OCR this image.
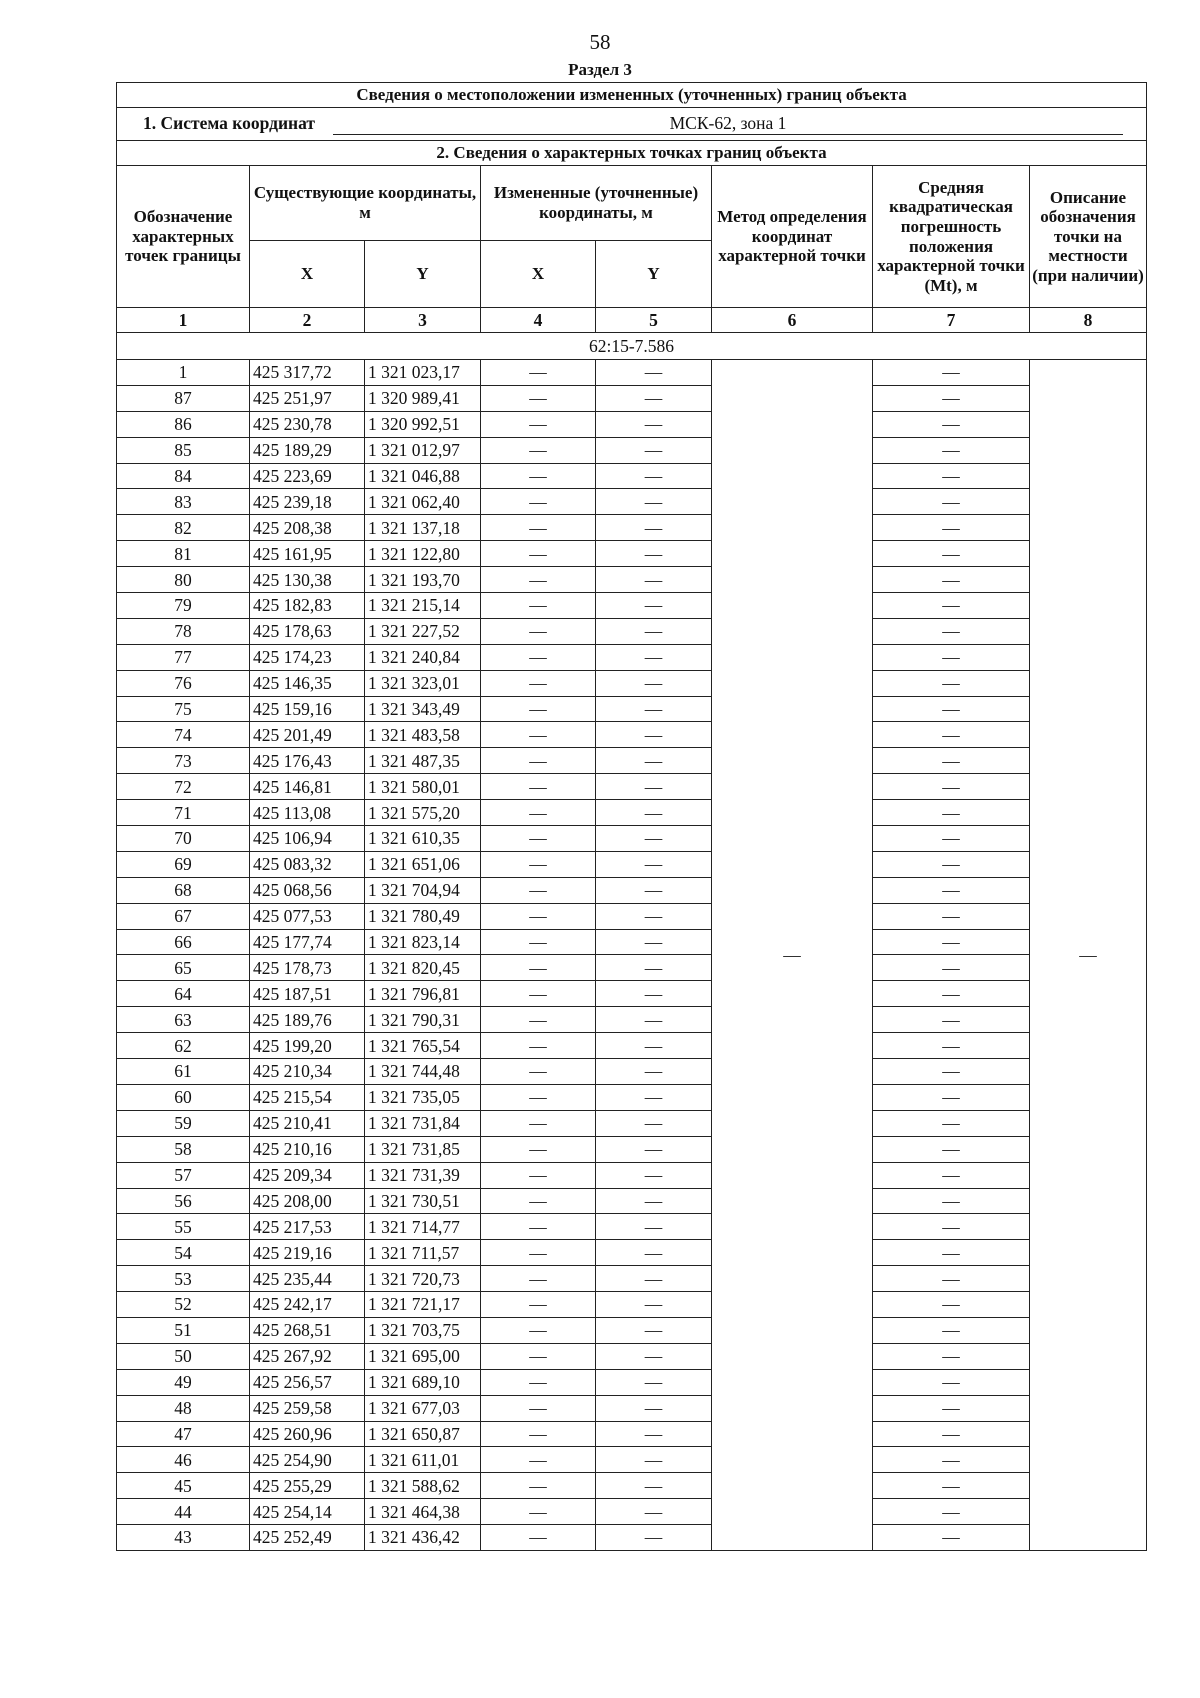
58
Раздел 3
Сведения о местоположении измененных (уточненных) границ объекта							
1. Система координат МСК-62, зона 1							
2. Сведения о характерных точках границ объекта							
Обозначение характерных точек границы	Существующие координаты, м		Измененные (уточненные) координаты, м		Метод определения координат характерной точки	Средняя квадратическая погрешность положения характерной точки (Mt), м	Описание обозначения точки на местности (при наличии)
	X	Y	X	Y			
1	2	3	4	5	6	7	8
62:15-7.586							
1	425 317,72	1 321 023,17	—	—	—	—	—
87	425 251,97	1 320 989,41	—	—		—	
86	425 230,78	1 320 992,51	—	—		—	
85	425 189,29	1 321 012,97	—	—		—	
84	425 223,69	1 321 046,88	—	—		—	
83	425 239,18	1 321 062,40	—	—		—	
82	425 208,38	1 321 137,18	—	—		—	
81	425 161,95	1 321 122,80	—	—		—	
80	425 130,38	1 321 193,70	—	—		—	
79	425 182,83	1 321 215,14	—	—		—	
78	425 178,63	1 321 227,52	—	—		—	
77	425 174,23	1 321 240,84	—	—		—	
76	425 146,35	1 321 323,01	—	—		—	
75	425 159,16	1 321 343,49	—	—		—	
74	425 201,49	1 321 483,58	—	—		—	
73	425 176,43	1 321 487,35	—	—		—	
72	425 146,81	1 321 580,01	—	—		—	
71	425 113,08	1 321 575,20	—	—		—	
70	425 106,94	1 321 610,35	—	—		—	
69	425 083,32	1 321 651,06	—	—		—	
68	425 068,56	1 321 704,94	—	—		—	
67	425 077,53	1 321 780,49	—	—		—	
66	425 177,74	1 321 823,14	—	—		—	
65	425 178,73	1 321 820,45	—	—		—	
64	425 187,51	1 321 796,81	—	—		—	
63	425 189,76	1 321 790,31	—	—		—	
62	425 199,20	1 321 765,54	—	—		—	
61	425 210,34	1 321 744,48	—	—		—	
60	425 215,54	1 321 735,05	—	—		—	
59	425 210,41	1 321 731,84	—	—		—	
58	425 210,16	1 321 731,85	—	—		—	
57	425 209,34	1 321 731,39	—	—		—	
56	425 208,00	1 321 730,51	—	—		—	
55	425 217,53	1 321 714,77	—	—		—	
54	425 219,16	1 321 711,57	—	—		—	
53	425 235,44	1 321 720,73	—	—		—	
52	425 242,17	1 321 721,17	—	—		—	
51	425 268,51	1 321 703,75	—	—		—	
50	425 267,92	1 321 695,00	—	—		—	
49	425 256,57	1 321 689,10	—	—		—	
48	425 259,58	1 321 677,03	—	—		—	
47	425 260,96	1 321 650,87	—	—		—	
46	425 254,90	1 321 611,01	—	—		—	
45	425 255,29	1 321 588,62	—	—		—	
44	425 254,14	1 321 464,38	—	—		—	
43	425 252,49	1 321 436,42	—	—		—	
